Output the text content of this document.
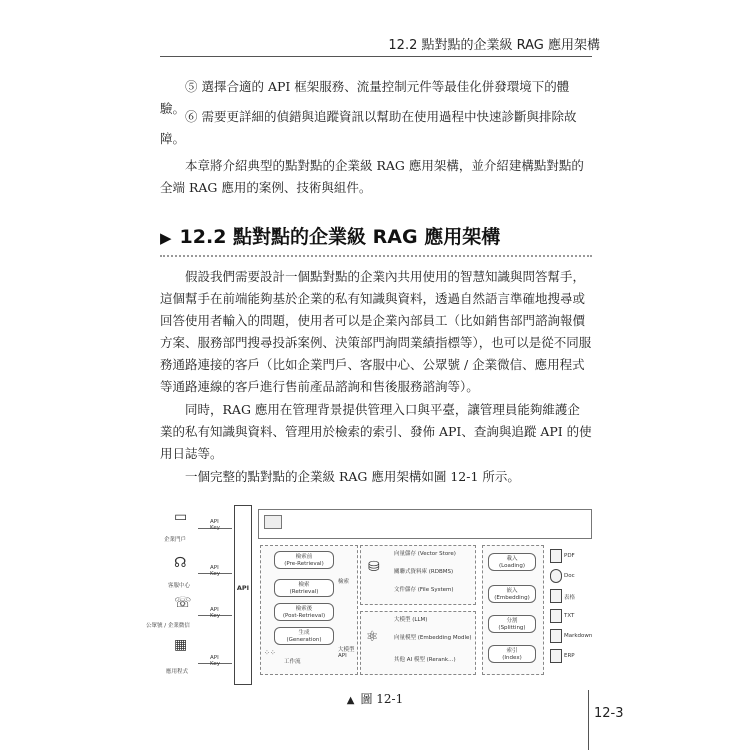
12.2 點對點的企業級 RAG 應用架構
⑤ 選擇合適的 API 框架服務、流量控制元件等最佳化併發環境下的體驗。
⑥ 需要更詳細的偵錯與追蹤資訊以幫助在使用過程中快速診斷與排除故障。
本章將介紹典型的點對點的企業級 RAG 應用架構，並介紹建構點對點的全端 RAG 應用的案例、技術與組件。
▶ 12.2 點對點的企業級 RAG 應用架構
假設我們需要設計一個點對點的企業內共用使用的智慧知識與問答幫手，這個幫手在前端能夠基於企業的私有知識與資料，透過自然語言準確地搜尋或回答使用者輸入的問題，使用者可以是企業內部員工（比如銷售部門諮詢報價方案、服務部門搜尋投訴案例、決策部門詢問業績指標等），也可以是從不同服務通路連接的客戶（比如企業門戶、客服中心、公眾號 / 企業微信、應用程式等通路連線的客戶進行售前產品諮詢和售後服務諮詢等）。
同時，RAG 應用在管理背景提供管理入口與平臺，讓管理員能夠維護企業的私有知識與資料、管理用於檢索的索引、發佈 API、查詢與追蹤 API 的使用日誌等。
一個完整的點對點的企業級 RAG 應用架構如圖 12-1 所示。
▭
企業門戶
☊
客服中心
☏
公眾號 / 企業微信
▦
應用程式
API
Key
API
Key
API
Key
API
Key
API
檢索前
(Pre-Retrieval)
檢索
(Retrieval)
檢索後
(Post-Retrieval)
生成
(Generation)
⁘⁘
工作流
檢索
大模型
API
⛁
向量儲存 (Vector Store)
關聯式資料庫 (RDBMS)
文件儲存 (File System)
⚛
大模型 (LLM)
向量模型 (Embedding Modle)
其他 AI 模型 (Rerank…)
載入
(Loading)
嵌入
(Embedding)
分割
(Splitting)
索引
(Index)
PDF
Doc
表格
TXT
Markdown
ERP
▲ 圖 12-1
12-3
